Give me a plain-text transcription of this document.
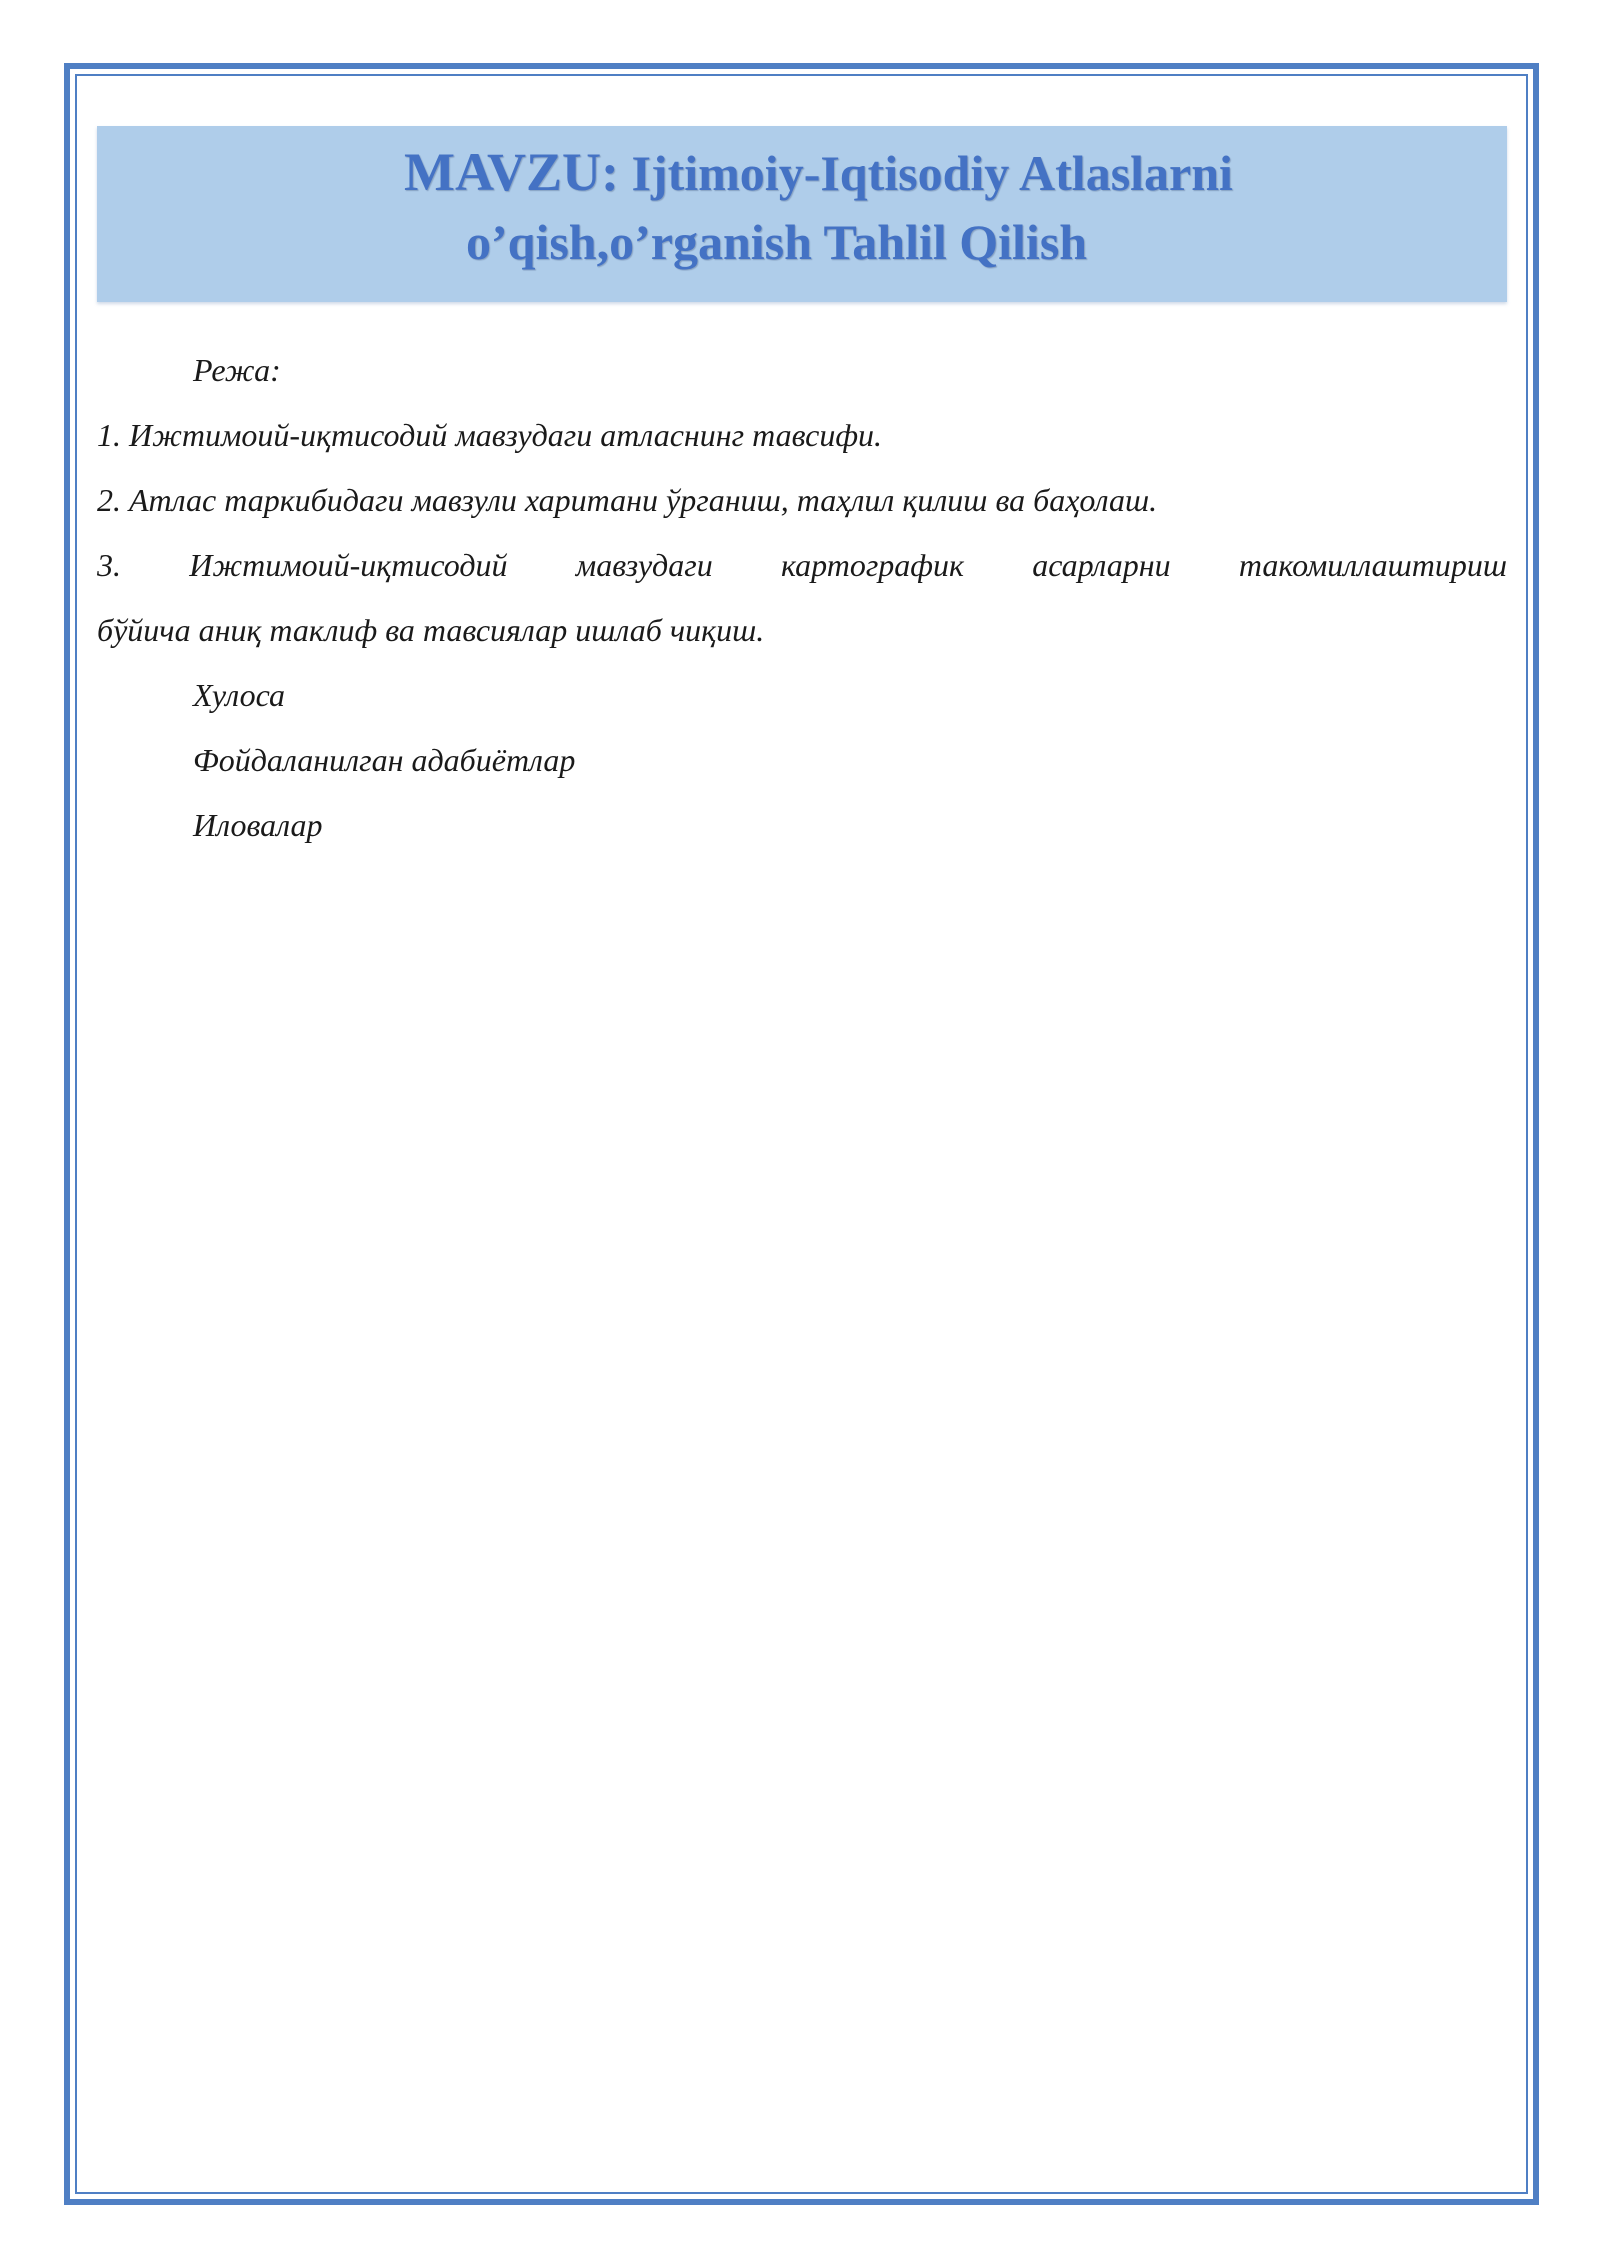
MAVZU: Ijtimoiy-Iqtisodiy Atlaslarni
o’qish,o’rganish Tahlil Qilish
Режа:
1. Ижтимоий-иқтисодий мавзудаги атласнинг тавсифи.
2. Атлас таркибидаги мавзули харитани ўрганиш, таҳлил қилиш ва баҳолаш.
3. Ижтимоий-иқтисодий мавзудаги картографик асарларни такомиллаштириш
бўйича аниқ таклиф ва тавсиялар ишлаб чиқиш.
Хулоса
Фойдаланилган адабиётлар
Иловалар
